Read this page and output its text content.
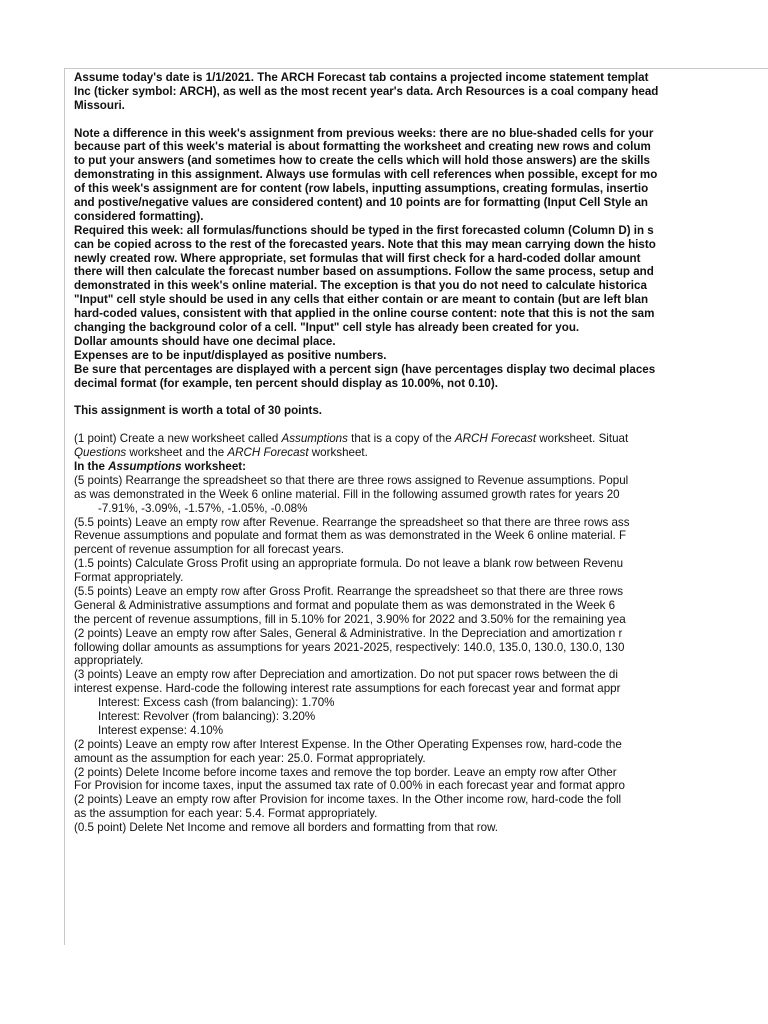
Assume today's date is 1/1/2021. The ARCH Forecast tab contains a projected income statement templat
Inc (ticker symbol: ARCH), as well as the most recent year's data. Arch Resources is a coal company head
Missouri.
Note a difference in this week's assignment from previous weeks: there are no blue-shaded cells for your
because part of this week's material is about formatting the worksheet and creating new rows and colum
to put your answers (and sometimes how to create the cells which will hold those answers) are the skills
demonstrating in this assignment. Always use formulas with cell references when possible, except for mo
of this week's assignment are for content (row labels, inputting assumptions, creating formulas, insertio
and postive/negative values are considered content) and 10 points are for formatting (Input Cell Style an
considered formatting).
Required this week: all formulas/functions should be typed in the first forecasted column (Column D) in s
can be copied across to the rest of the forecasted years. Note that this may mean carrying down the histo
newly created row. Where appropriate, set formulas that will first check for a hard-coded dollar amount
there will then calculate the forecast number based on assumptions. Follow the same process, setup and
demonstrated in this week's online material. The exception is that you do not need to calculate historica
"Input" cell style should be used in any cells that either contain or are meant to contain (but are left blan
hard-coded values, consistent with that applied in the online course content: note that this is not the sam
changing the background color of a cell. "Input" cell style has already been created for you.
Dollar amounts should have one decimal place.
Expenses are to be input/displayed as positive numbers.
Be sure that percentages are displayed with a percent sign (have percentages display two decimal places
decimal format (for example, ten percent should display as 10.00%, not 0.10).
This assignment is worth a total of 30 points.
(1 point) Create a new worksheet called Assumptions that is a copy of the ARCH Forecast worksheet. Situat
Questions worksheet and the ARCH Forecast worksheet.
In the Assumptions worksheet:
(5 points) Rearrange the spreadsheet so that there are three rows assigned to Revenue assumptions. Popul
as was demonstrated in the Week 6 online material. Fill in the following assumed growth rates for years 20
-7.91%, -3.09%, -1.57%, -1.05%, -0.08%
(5.5 points) Leave an empty row after Revenue. Rearrange the spreadsheet so that there are three rows ass
Revenue assumptions and populate and format them as was demonstrated in the Week 6 online material. F
percent of revenue assumption for all forecast years.
(1.5 points) Calculate Gross Profit using an appropriate formula. Do not leave a blank row between Revenu
Format appropriately.
(5.5 points) Leave an empty row after Gross Profit. Rearrange the spreadsheet so that there are three rows
General & Administrative assumptions and format and populate them as was demonstrated in the Week 6
the percent of revenue assumptions, fill in 5.10% for 2021, 3.90% for 2022 and 3.50% for the remaining yea
(2 points) Leave an empty row after Sales, General & Administrative. In the Depreciation and amortization r
following dollar amounts as assumptions for years 2021-2025, respectively: 140.0, 135.0, 130.0, 130.0, 130
appropriately.
(3 points) Leave an empty row after Depreciation and amortization. Do not put spacer rows between the di
interest expense. Hard-code the following interest rate assumptions for each forecast year and format appr
Interest: Excess cash (from balancing): 1.70%
Interest: Revolver (from balancing): 3.20%
Interest expense: 4.10%
(2 points) Leave an empty row after Interest Expense. In the Other Operating Expenses row, hard-code the
amount as the assumption for each year: 25.0. Format appropriately.
(2 points) Delete Income before income taxes and remove the top border. Leave an empty row after Other
For Provision for income taxes, input the assumed tax rate of 0.00% in each forecast year and format appro
(2 points) Leave an empty row after Provision for income taxes. In the Other income row, hard-code the foll
as the assumption for each year: 5.4. Format appropriately.
(0.5 point) Delete Net Income and remove all borders and formatting from that row.
